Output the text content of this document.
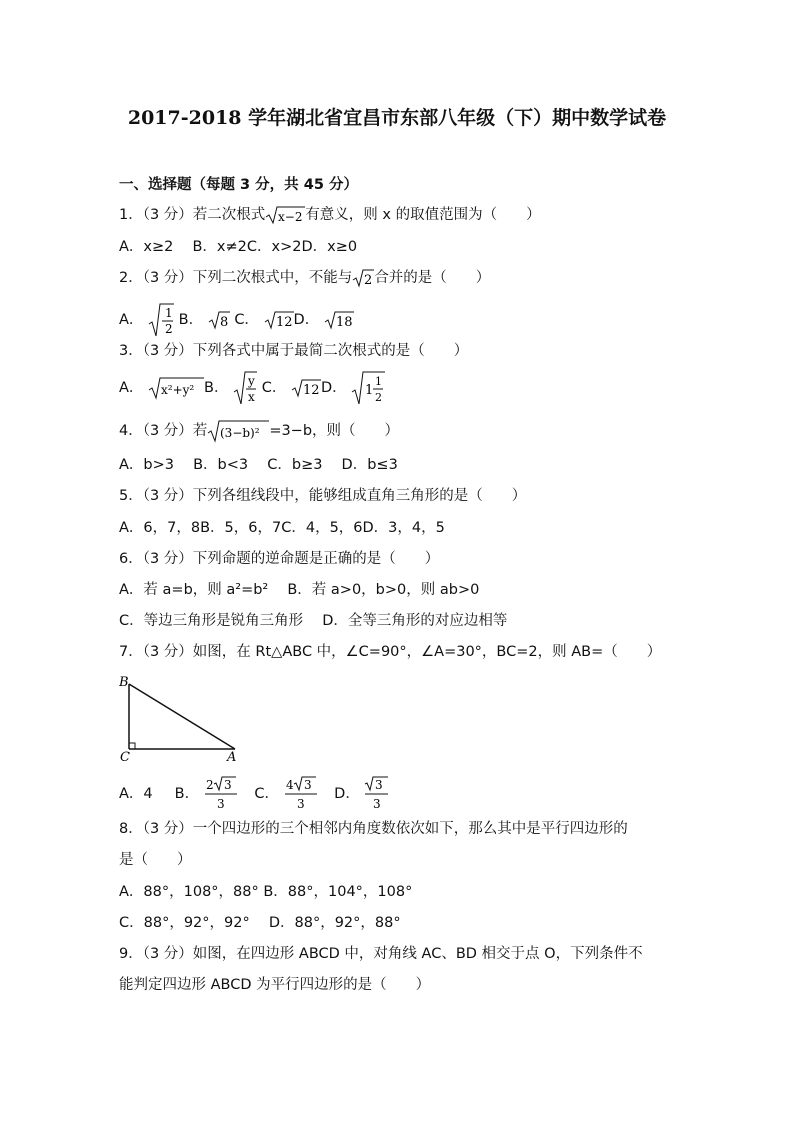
2017-2018 学年湖北省宜昌市东部八年级（下）期中数学试卷
一、选择题（每题 3 分，共 45 分）
1．（3 分）若二次根式 x−2 有意义，则 x 的取值范围为（　　）
A．x≥2　 B．x≠2C．x>2D．x≥0
2．（3 分）下列二次根式中，不能与 2 合并的是（　　）
A． 1
2
B． 8 C． 12 D． 18
3．（3 分）下列各式中属于最简二次根式的是（　　）
A． x²+y² B． y
x
C． 12 D． 1
1
2
4．（3 分）若 (3−b)² =3−b，则（　　）
A．b>3　 B．b<3　 C．b≥3　 D．b≤3
5．（3 分）下列各组线段中，能够组成直角三角形的是（　　）
A．6，7，8B．5，6，7C．4，5，6D．3，4，5
6．（3 分）下列命题的逆命题是正确的是（　　）
A．若 a=b，则 a²=b²　 B．若 a>0，b>0，则 ab>0
C．等边三角形是锐角三角形　 D．全等三角形的对应边相等
7．（3 分）如图，在 Rt△ABC 中，∠C=90°，∠A=30°，BC=2，则 AB=（　　）
B
C	A
A．4 B．
2 3
3
C．
4 3
3
D．
3
3
8．（3 分）一个四边形的三个相邻内角度数依次如下，那么其中是平行四边形的
是（　　）
A．88°，108°，88° B．88°，104°，108°
C．88°，92°，92°　 D．88°，92°，88°
9．（3 分）如图，在四边形 ABCD 中，对角线 AC、BD 相交于点 O，下列条件不
能判定四边形 ABCD 为平行四边形的是（　　）
